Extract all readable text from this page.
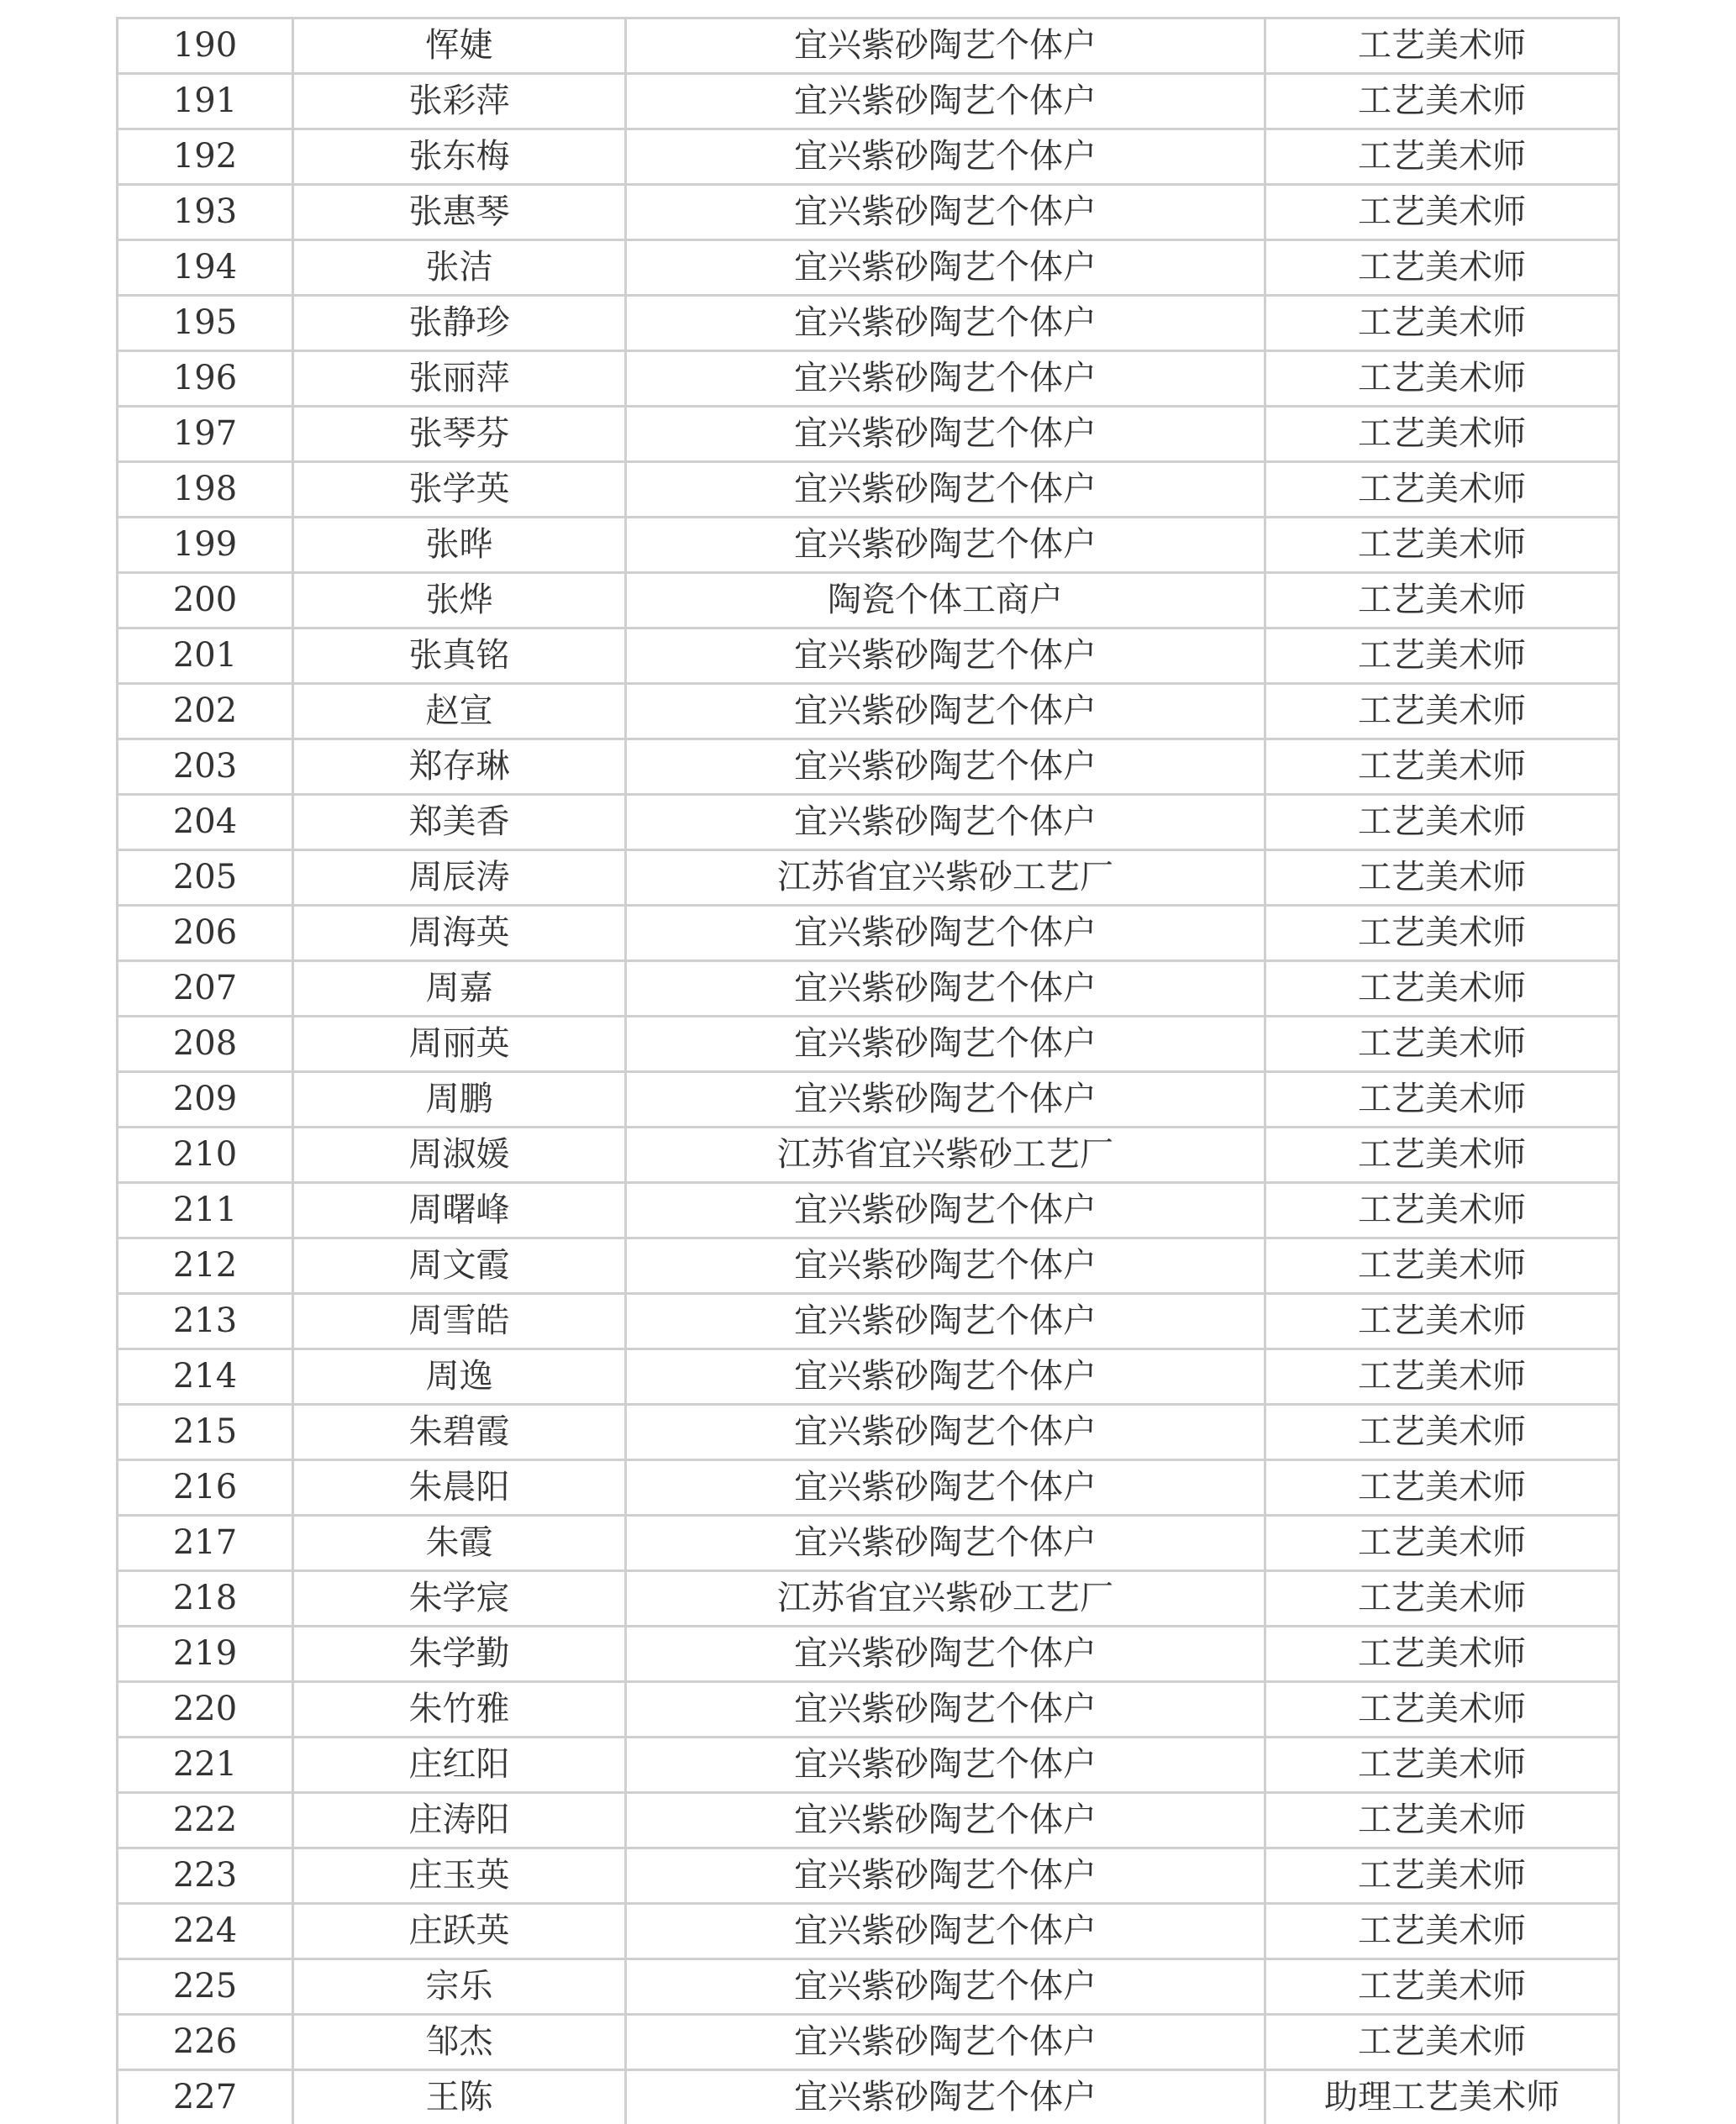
190	恽婕	宜兴紫砂陶艺个体户	工艺美术师
191	张彩萍	宜兴紫砂陶艺个体户	工艺美术师
192	张东梅	宜兴紫砂陶艺个体户	工艺美术师
193	张惠琴	宜兴紫砂陶艺个体户	工艺美术师
194	张洁	宜兴紫砂陶艺个体户	工艺美术师
195	张静珍	宜兴紫砂陶艺个体户	工艺美术师
196	张丽萍	宜兴紫砂陶艺个体户	工艺美术师
197	张琴芬	宜兴紫砂陶艺个体户	工艺美术师
198	张学英	宜兴紫砂陶艺个体户	工艺美术师
199	张晔	宜兴紫砂陶艺个体户	工艺美术师
200	张烨	陶瓷个体工商户	工艺美术师
201	张真铭	宜兴紫砂陶艺个体户	工艺美术师
202	赵宣	宜兴紫砂陶艺个体户	工艺美术师
203	郑存琳	宜兴紫砂陶艺个体户	工艺美术师
204	郑美香	宜兴紫砂陶艺个体户	工艺美术师
205	周辰涛	江苏省宜兴紫砂工艺厂	工艺美术师
206	周海英	宜兴紫砂陶艺个体户	工艺美术师
207	周嘉	宜兴紫砂陶艺个体户	工艺美术师
208	周丽英	宜兴紫砂陶艺个体户	工艺美术师
209	周鹏	宜兴紫砂陶艺个体户	工艺美术师
210	周淑媛	江苏省宜兴紫砂工艺厂	工艺美术师
211	周曙峰	宜兴紫砂陶艺个体户	工艺美术师
212	周文霞	宜兴紫砂陶艺个体户	工艺美术师
213	周雪皓	宜兴紫砂陶艺个体户	工艺美术师
214	周逸	宜兴紫砂陶艺个体户	工艺美术师
215	朱碧霞	宜兴紫砂陶艺个体户	工艺美术师
216	朱晨阳	宜兴紫砂陶艺个体户	工艺美术师
217	朱霞	宜兴紫砂陶艺个体户	工艺美术师
218	朱学宸	江苏省宜兴紫砂工艺厂	工艺美术师
219	朱学勤	宜兴紫砂陶艺个体户	工艺美术师
220	朱竹雅	宜兴紫砂陶艺个体户	工艺美术师
221	庄红阳	宜兴紫砂陶艺个体户	工艺美术师
222	庄涛阳	宜兴紫砂陶艺个体户	工艺美术师
223	庄玉英	宜兴紫砂陶艺个体户	工艺美术师
224	庄跃英	宜兴紫砂陶艺个体户	工艺美术师
225	宗乐	宜兴紫砂陶艺个体户	工艺美术师
226	邹杰	宜兴紫砂陶艺个体户	工艺美术师
227	王陈	宜兴紫砂陶艺个体户	助理工艺美术师
